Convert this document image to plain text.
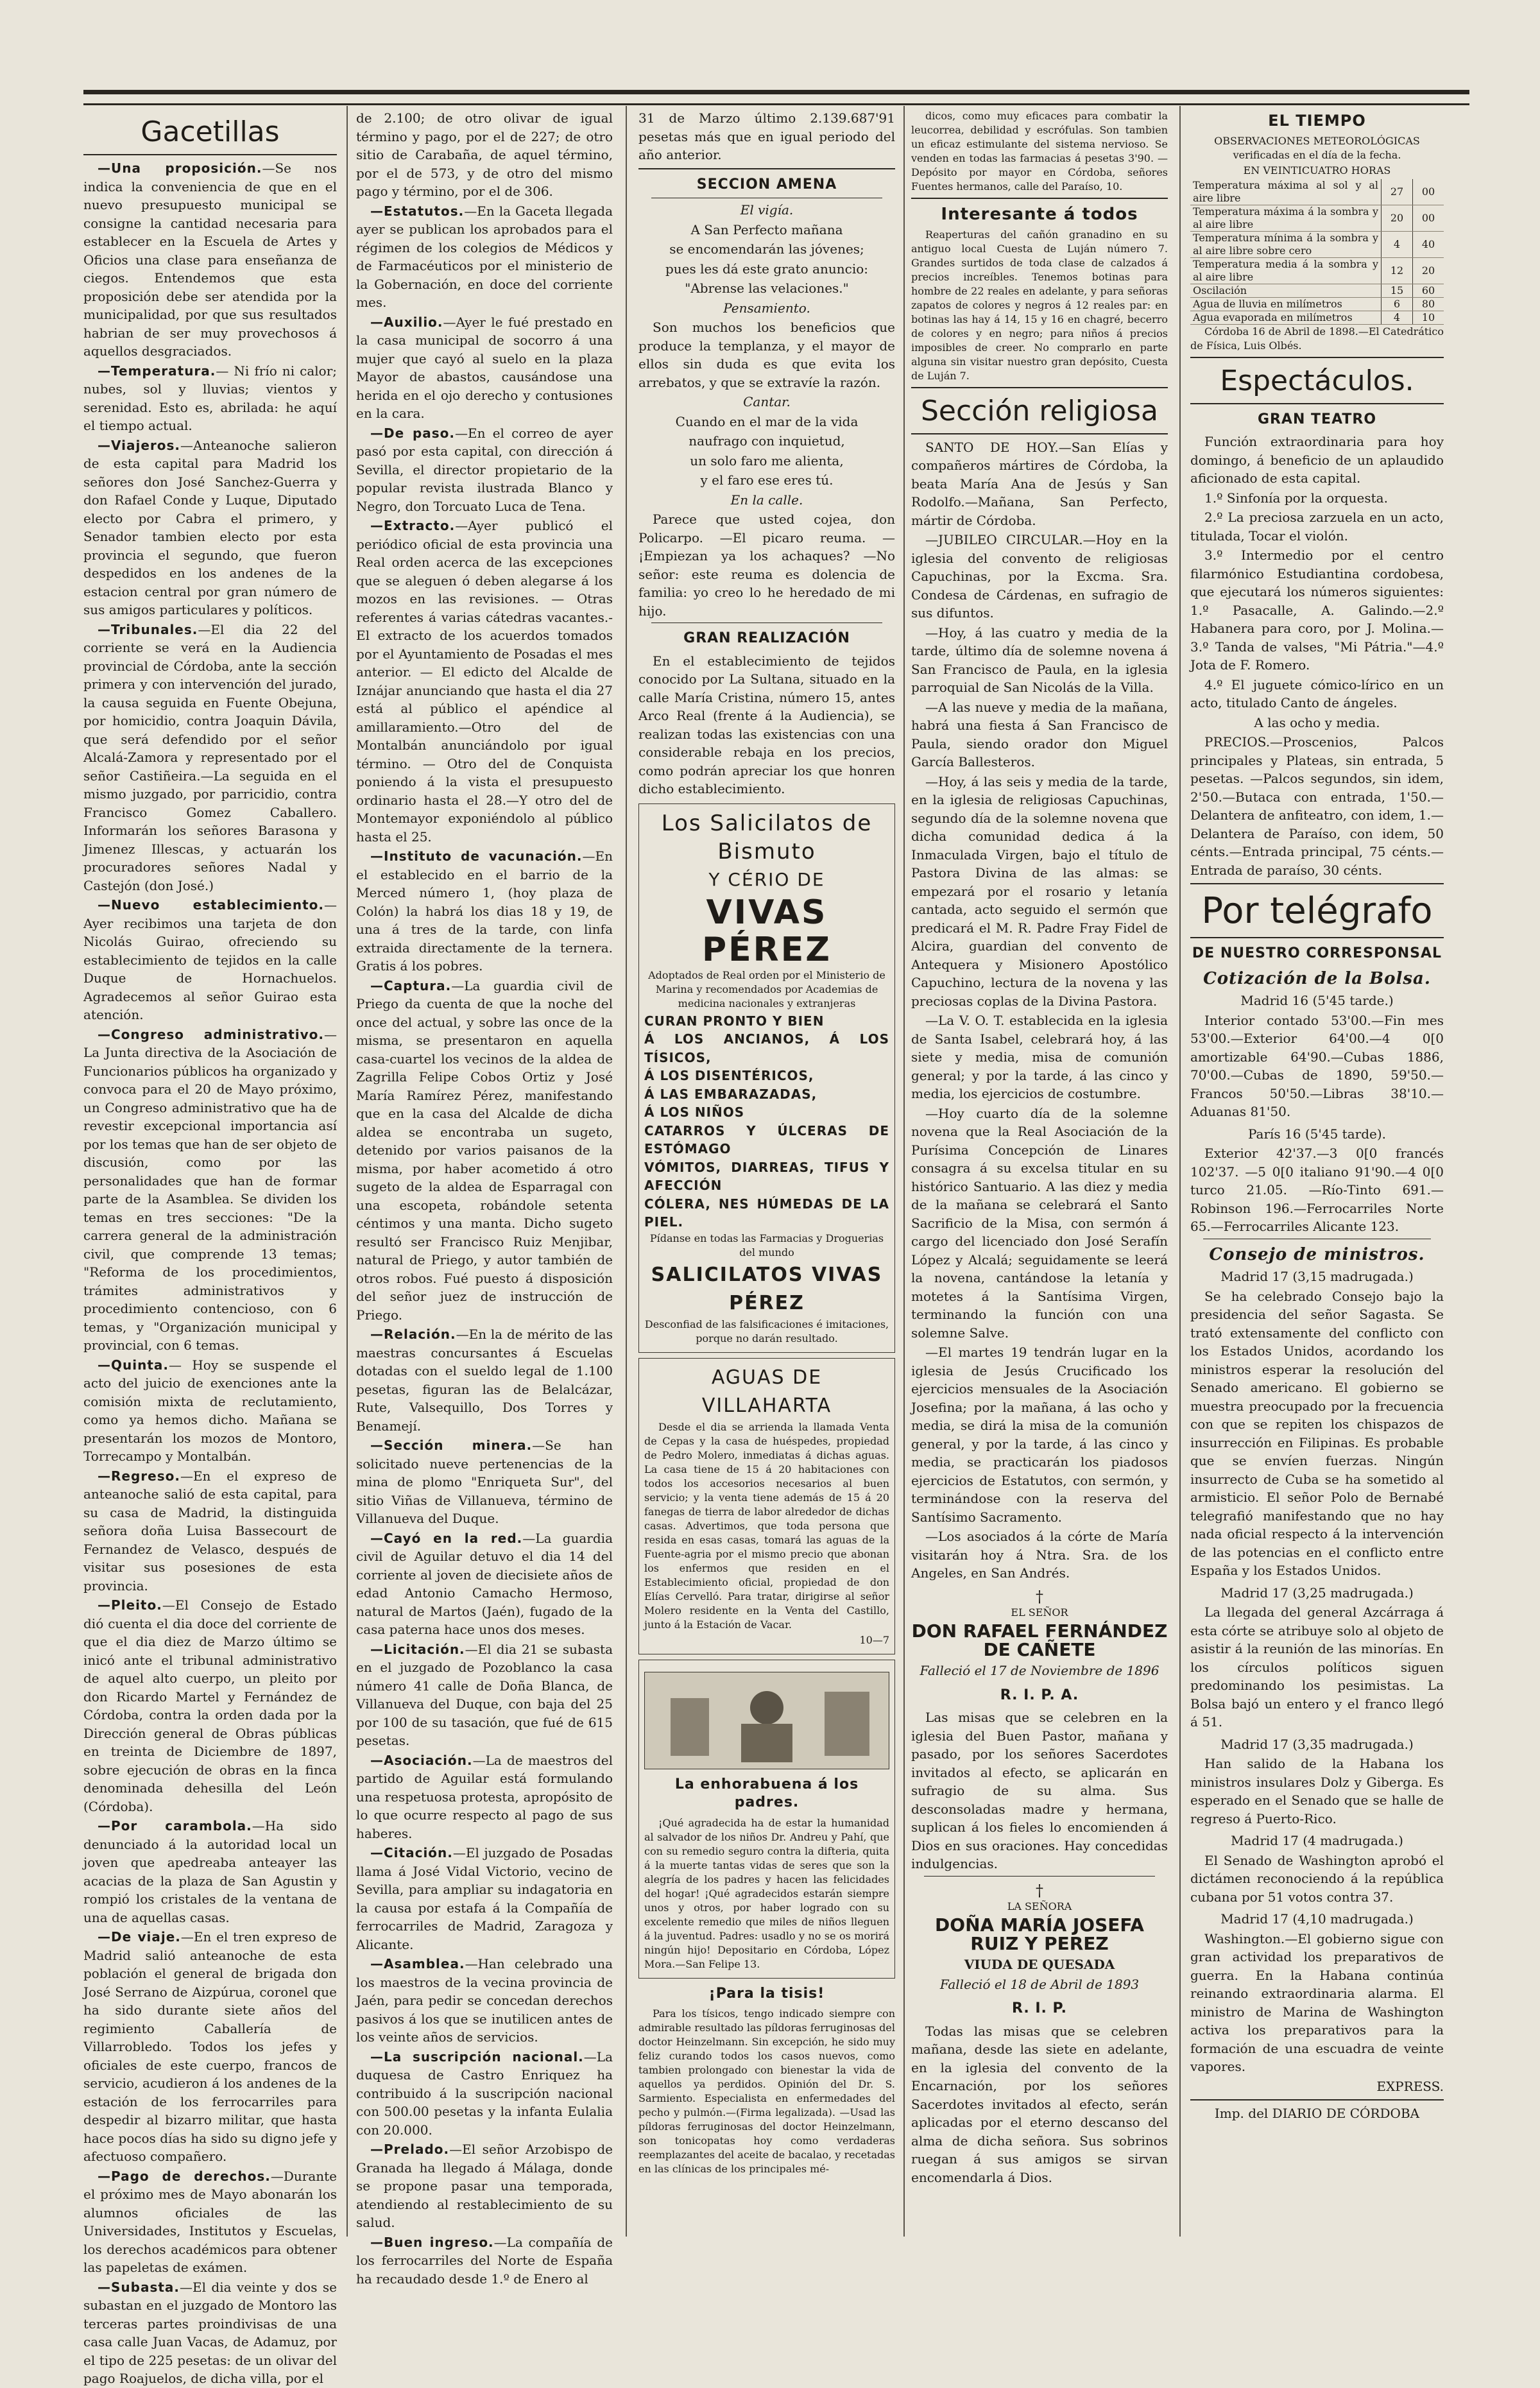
Gacetillas

—Una proposición.—Se nos indica la conveniencia de que en el nuevo presupuesto municipal se consigne la cantidad necesaria para establecer en la Escuela de Artes y Oficios una clase para enseñanza de ciegos. Entendemos que esta proposición debe ser atendida por la municipalidad, por que sus resultados habrian de ser muy provechosos á aquellos desgraciados.

—Temperatura.— Ni frío ni calor; nubes, sol y lluvias; vientos y serenidad. Esto es, abrilada: he aquí el tiempo actual.

—Viajeros.—Anteanoche salieron de esta capital para Madrid los señores don José Sanchez-Guerra y don Rafael Conde y Luque, Diputado electo por Cabra el primero, y Senador tambien electo por esta provincia el segundo, que fueron despedidos en los andenes de la estacion central por gran número de sus amigos particulares y políticos.

—Tribunales.—El dia 22 del corriente se verá en la Audiencia provincial de Córdoba, ante la sección primera y con intervención del jurado, la causa seguida en Fuente Obejuna, por homicidio, contra Joaquin Dávila, que será defendido por el señor Alcalá-Zamora y representado por el señor Castiñeira.—La seguida en el mismo juzgado, por parricidio, contra Francisco Gomez Caballero. Informarán los señores Barasona y Jimenez Illescas, y actuarán los procuradores señores Nadal y Castejón (don José.)

—Nuevo establecimiento.—Ayer recibimos una tarjeta de don Nicolás Guirao, ofreciendo su establecimiento de tejidos en la calle Duque de Hornachuelos. Agradecemos al señor Guirao esta atención.

—Congreso administrativo.—La Junta directiva de la Asociación de Funcionarios públicos ha organizado y convoca para el 20 de Mayo próximo, un Congreso administrativo que ha de revestir excepcional importancia así por los temas que han de ser objeto de discusión, como por las personalidades que han de formar parte de la Asamblea. Se dividen los temas en tres secciones: "De la carrera general de la administración civil, que comprende 13 temas; "Reforma de los procedimientos, trámites administrativos y procedimiento contencioso, con 6 temas, y "Organización municipal y provincial, con 6 temas.

—Quinta.— Hoy se suspende el acto del juicio de exenciones ante la comisión mixta de reclutamiento, como ya hemos dicho. Mañana se presentarán los mozos de Montoro, Torrecampo y Montalbán.

—Regreso.—En el expreso de anteanoche salió de esta capital, para su casa de Madrid, la distinguida señora doña Luisa Bassecourt de Fernandez de Velasco, después de visitar sus posesiones de esta provincia.

—Pleito.—El Consejo de Estado dió cuenta el dia doce del corriente de que el dia diez de Marzo último se inicó ante el tribunal administrativo de aquel alto cuerpo, un pleito por don Ricardo Martel y Fernández de Córdoba, contra la orden dada por la Dirección general de Obras públicas en treinta de Diciembre de 1897, sobre ejecución de obras en la finca denominada dehesilla del León (Córdoba).

—Por carambola.—Ha sido denunciado á la autoridad local un joven que apedreaba anteayer las acacias de la plaza de San Agustin y rompió los cristales de la ventana de una de aquellas casas.

—De viaje.—En el tren expreso de Madrid salió anteanoche de esta población el general de brigada don José Serrano de Aizpúrua, coronel que ha sido durante siete años del regimiento Caballería de Villarrobledo. Todos los jefes y oficiales de este cuerpo, francos de servicio, acudieron á los andenes de la estación de los ferrocarriles para despedir al bizarro militar, que hasta hace pocos días ha sido su digno jefe y afectuoso compañero.

—Pago de derechos.—Durante el próximo mes de Mayo abonarán los alumnos oficiales de las Universidades, Institutos y Escuelas, los derechos académicos para obtener las papeletas de exámen.

—Subasta.—El dia veinte y dos se subastan en el juzgado de Montoro las terceras partes proindivisas de una casa calle Juan Vacas, de Adamuz, por el tipo de 225 pesetas: de un olivar del pago Roajuelos, de dicha villa, por el

de 2.100; de otro olivar de igual término y pago, por el de 227; de otro sitio de Carabaña, de aquel término, por el de 573, y de otro del mismo pago y término, por el de 306.

—Estatutos.—En la Gaceta llegada ayer se publican los aprobados para el régimen de los colegios de Médicos y de Farmacéuticos por el ministerio de la Gobernación, en doce del corriente mes.

—Auxilio.—Ayer le fué prestado en la casa municipal de socorro á una mujer que cayó al suelo en la plaza Mayor de abastos, causándose una herida en el ojo derecho y contusiones en la cara.

—De paso.—En el correo de ayer pasó por esta capital, con dirección á Sevilla, el director propietario de la popular revista ilustrada Blanco y Negro, don Torcuato Luca de Tena.

—Extracto.—Ayer publicó el periódico oficial de esta provincia una Real orden acerca de las excepciones que se aleguen ó deben alegarse á los mozos en las revisiones. — Otras referentes á varias cátedras vacantes.- El extracto de los acuerdos tomados por el Ayuntamiento de Posadas el mes anterior. — El edicto del Alcalde de Iznájar anunciando que hasta el dia 27 está al público el apéndice al amillaramiento.—Otro del de Montalbán anunciándolo por igual término. — Otro del de Conquista poniendo á la vista el presupuesto ordinario hasta el 28.—Y otro del de Montemayor exponiéndolo al público hasta el 25.

—Instituto de vacunación.—En el establecido en el barrio de la Merced número 1, (hoy plaza de Colón) la habrá los dias 18 y 19, de una á tres de la tarde, con linfa extraida directamente de la ternera. Gratis á los pobres.

—Captura.—La guardia civil de Priego da cuenta de que la noche del once del actual, y sobre las once de la misma, se presentaron en aquella casa-cuartel los vecinos de la aldea de Zagrilla Felipe Cobos Ortiz y José María Ramírez Pérez, manifestando que en la casa del Alcalde de dicha aldea se encontraba un sugeto, detenido por varios paisanos de la misma, por haber acometido á otro sugeto de la aldea de Esparragal con una escopeta, robándole setenta céntimos y una manta. Dicho sugeto resultó ser Francisco Ruiz Menjibar, natural de Priego, y autor también de otros robos. Fué puesto á disposición del señor juez de instrucción de Priego.

—Relación.—En la de mérito de las maestras concursantes á Escuelas dotadas con el sueldo legal de 1.100 pesetas, figuran las de Belalcázar, Rute, Valsequillo, Dos Torres y Benamejí.

—Sección minera.—Se han solicitado nueve pertenencias de la mina de plomo "Enriqueta Sur", del sitio Viñas de Villanueva, término de Villanueva del Duque.

—Cayó en la red.—La guardia civil de Aguilar detuvo el dia 14 del corriente al joven de diecisiete años de edad Antonio Camacho Hermoso, natural de Martos (Jaén), fugado de la casa paterna hace unos dos meses.

—Licitación.—El dia 21 se subasta en el juzgado de Pozoblanco la casa número 41 calle de Doña Blanca, de Villanueva del Duque, con baja del 25 por 100 de su tasación, que fué de 615 pesetas.

—Asociación.—La de maestros del partido de Aguilar está formulando una respetuosa protesta, apropósito de lo que ocurre respecto al pago de sus haberes.

—Citación.—El juzgado de Posadas llama á José Vidal Victorio, vecino de Sevilla, para ampliar su indagatoria en la causa por estafa á la Compañía de ferrocarriles de Madrid, Zaragoza y Alicante.

—Asamblea.—Han celebrado una los maestros de la vecina provincia de Jaén, para pedir se concedan derechos pasivos á los que se inutilicen antes de los veinte años de servicios.

—La suscripción nacional.—La duquesa de Castro Enriquez ha contribuido á la suscripción nacional con 500.00 pesetas y la infanta Eulalia con 20.000.

—Prelado.—El señor Arzobispo de Granada ha llegado á Málaga, donde se propone pasar una temporada, atendiendo al restablecimiento de su salud.

—Buen ingreso.—La compañía de los ferrocarriles del Norte de España ha recaudado desde 1.º de Enero al

31 de Marzo último 2.139.687'91 pesetas más que en igual periodo del año anterior.

SECCION AMENA

El vigía.

A San Perfecto mañana

se encomendarán las jóvenes;

pues les dá este grato anuncio:

"Abrense las velaciones."

Pensamiento.

Son muchos los beneficios que produce la templanza, y el mayor de ellos sin duda es que evita los arrebatos, y que se extravíe la razón.

Cantar.

Cuando en el mar de la vida

naufrago con inquietud,

un solo faro me alienta,

y el faro ese eres tú.

En la calle.

Parece que usted cojea, don Policarpo. —El picaro reuma. —¡Empiezan ya los achaques? —No señor: este reuma es dolencia de familia: yo creo lo he heredado de mi hijo.

GRAN REALIZACIÓN

En el establecimiento de tejidos conocido por La Sultana, situado en la calle María Cristina, número 15, antes Arco Real (frente á la Audiencia), se realizan todas las existencias con una considerable rebaja en los precios, como podrán apreciar los que honren dicho establecimiento.

Los Salicilatos de Bismuto
Y CÉRIO DE
VIVAS PÉREZ

Adoptados de Real orden por el Ministerio de Marina y recomendados por Academias de medicina nacionales y extranjeras

CURAN PRONTO Y BIEN
Á LOS ANCIANOS, Á LOS TÍSICOS,
Á LOS DISENTÉRICOS,
Á LAS EMBARAZADAS,
Á LOS NIÑOS
CATARROS Y ÚLCERAS DE ESTÓMAGO
VÓMITOS, DIARREAS, TIFUS Y AFECCIÓN
CÓLERA, NES HÚMEDAS DE LA PIEL.

Pídanse en todas las Farmacias y Droguerias del mundo

SALICILATOS VIVAS PÉREZ

Desconfiad de las falsificaciones é imitaciones, porque no darán resultado.

AGUAS DE VILLAHARTA

Desde el dia se arrienda la llamada Venta de Cepas y la casa de huéspedes, propiedad de Pedro Molero, inmediatas á dichas aguas. La casa tiene de 15 á 20 habitaciones con todos los accesorios necesarios al buen servicio; y la venta tiene además de 15 á 20 fanegas de tierra de labor alrededor de dichas casas. Advertimos, que toda persona que resida en esas casas, tomará las aguas de la Fuente-agria por el mismo precio que abonan los enfermos que residen en el Establecimiento oficial, propiedad de don Elías Cervelló. Para tratar, dirigirse al señor Molero residente en la Venta del Castillo, junto á la Estación de Vacar.

10—7

La enhorabuena á los padres.

¡Qué agradecida ha de estar la humanidad al salvador de los niños Dr. Andreu y Pahí, que con su remedio seguro contra la difteria, quita á la muerte tantas vidas de seres que son la alegría de los padres y hacen las felicidades del hogar! ¡Qué agradecidos estarán siempre unos y otros, por haber logrado con su excelente remedio que miles de niños lleguen á la juventud. Padres: usadlo y no se os morirá ningún hijo! Depositario en Córdoba, López Mora.—San Felipe 13.

¡Para la tisis!

Para los tísicos, tengo indicado siempre con admirable resultado las píldoras ferruginosas del doctor Heinzelmann. Sin excepción, he sido muy feliz curando todos los casos nuevos, como tambien prolongado con bienestar la vida de aquellos ya perdidos. Opinión del Dr. S. Sarmiento. Especialista en enfermedades del pecho y pulmón.—(Firma legalizada). —Usad las píldoras ferruginosas del doctor Heinzelmann, son tonicopatas hoy como verdaderas reemplazantes del aceite de bacalao, y recetadas en las clínicas de los principales mé-

dicos, como muy eficaces para combatir la leucorrea, debilidad y escrófulas. Son tambien un eficaz estimulante del sistema nervioso. Se venden en todas las farmacias á pesetas 3'90. —Depósito por mayor en Córdoba, señores Fuentes hermanos, calle del Paraíso, 10.

Interesante á todos

Reaperturas del cañón granadino en su antiguo local Cuesta de Luján número 7. Grandes surtidos de toda clase de calzados á precios increíbles. Tenemos botinas para hombre de 22 reales en adelante, y para señoras zapatos de colores y negros á 12 reales par: en botinas las hay á 14, 15 y 16 en chagré, becerro de colores y en negro; para niños á precios imposibles de creer. No comprarlo en parte alguna sin visitar nuestro gran depósito, Cuesta de Luján 7.

Sección religiosa

SANTO DE HOY.—San Elías y compañeros mártires de Córdoba, la beata María Ana de Jesús y San Rodolfo.—Mañana, San Perfecto, mártir de Córdoba.

—JUBILEO CIRCULAR.—Hoy en la iglesia del convento de religiosas Capuchinas, por la Excma. Sra. Condesa de Cárdenas, en sufragio de sus difuntos.

—Hoy, á las cuatro y media de la tarde, último día de solemne novena á San Francisco de Paula, en la iglesia parroquial de San Nicolás de la Villa.

—A las nueve y media de la mañana, habrá una fiesta á San Francisco de Paula, siendo orador don Miguel García Ballesteros.

—Hoy, á las seis y media de la tarde, en la iglesia de religiosas Capuchinas, segundo día de la solemne novena que dicha comunidad dedica á la Inmaculada Virgen, bajo el título de Pastora Divina de las almas: se empezará por el rosario y letanía cantada, acto seguido el sermón que predicará el M. R. Padre Fray Fidel de Alcira, guardian del convento de Antequera y Misionero Apostólico Capuchino, lectura de la novena y las preciosas coplas de la Divina Pastora.

—La V. O. T. establecida en la iglesia de Santa Isabel, celebrará hoy, á las siete y media, misa de comunión general; y por la tarde, á las cinco y media, los ejercicios de costumbre.

—Hoy cuarto día de la solemne novena que la Real Asociación de la Purísima Concepción de Linares consagra á su excelsa titular en su histórico Santuario. A las diez y media de la mañana se celebrará el Santo Sacrificio de la Misa, con sermón á cargo del licenciado don José Serafín López y Alcalá; seguidamente se leerá la novena, cantándose la letanía y motetes á la Santísima Virgen, terminando la función con una solemne Salve.

—El martes 19 tendrán lugar en la iglesia de Jesús Crucificado los ejercicios mensuales de la Asociación Josefina; por la mañana, á las ocho y media, se dirá la misa de la comunión general, y por la tarde, á las cinco y media, se practicarán los piadosos ejercicios de Estatutos, con sermón, y terminándose con la reserva del Santísimo Sacramento.

—Los asociados á la córte de María visitarán hoy á Ntra. Sra. de los Angeles, en San Andrés.

†

EL SEÑOR

DON RAFAEL FERNÁNDEZ DE CAÑETE

Falleció el 17 de Noviembre de 1896

R. I. P. A.

Las misas que se celebren en la iglesia del Buen Pastor, mañana y pasado, por los señores Sacerdotes invitados al efecto, se aplicarán en sufragio de su alma. Sus desconsoladas madre y hermana, suplican á los fieles lo encomienden á Dios en sus oraciones. Hay concedidas indulgencias.

†

LA SEÑORA

DOÑA MARÍA JOSEFA RUIZ Y PEREZ

VIUDA DE QUESADA

Falleció el 18 de Abril de 1893

R. I. P.

Todas las misas que se celebren mañana, desde las siete en adelante, en la iglesia del convento de la Encarnación, por los señores Sacerdotes invitados al efecto, serán aplicadas por el eterno descanso del alma de dicha señora. Sus sobrinos ruegan á sus amigos se sirvan encomendarla á Dios.

EL TIEMPO

OBSERVACIONES METEOROLÓGICAS verificadas en el día de la fecha.

EN VEINTICUATRO HORAS

Temperatura máxima al sol y al aire libre	27	00
Temperatura máxima á la sombra y al aire libre	20	00
Temperatura mínima á la sombra y al aire libre sobre cero	4	40
Temperatura media á la sombra y al aire libre	12	20
Oscilación	15	60
Agua de lluvia en milímetros	6	80
Agua evaporada en milímetros	4	10

Córdoba 16 de Abril de 1898.—El Catedrático de Física, Luis Olbés.

Espectáculos.
GRAN TEATRO

Función extraordinaria para hoy domingo, á beneficio de un aplaudido aficionado de esta capital.

1.º Sinfonía por la orquesta.

2.º La preciosa zarzuela en un acto, titulada, Tocar el violón.

3.º Intermedio por el centro filarmónico Estudiantina cordobesa, que ejecutará los números siguientes: 1.º Pasacalle, A. Galindo.—2.º Habanera para coro, por J. Molina.—3.º Tanda de valses, "Mi Pátria."—4.º Jota de F. Romero.

4.º El juguete cómico-lírico en un acto, titulado Canto de ángeles.

A las ocho y media.

PRECIOS.—Proscenios, Palcos principales y Plateas, sin entrada, 5 pesetas. —Palcos segundos, sin idem, 2'50.—Butaca con entrada, 1'50.—Delantera de anfiteatro, con idem, 1.—Delantera de Paraíso, con idem, 50 cénts.—Entrada principal, 75 cénts.—Entrada de paraíso, 30 cénts.

Por telégrafo
DE NUESTRO CORRESPONSAL
Cotización de la Bolsa.

Madrid 16 (5'45 tarde.)

Interior contado 53'00.—Fin mes 53'00.—Exterior 64'00.—4 0[0 amortizable 64'90.—Cubas 1886, 70'00.—Cubas de 1890, 59'50.—Francos 50'50.—Libras 38'10.—Aduanas 81'50.

París 16 (5'45 tarde).

Exterior 42'37.—3 0[0 francés 102'37. —5 0[0 italiano 91'90.—4 0[0 turco 21.05. —Río-Tinto 691.—Robinson 196.—Ferrocarriles Norte 65.—Ferrocarriles Alicante 123.

Consejo de ministros.

Madrid 17 (3,15 madrugada.)

Se ha celebrado Consejo bajo la presidencia del señor Sagasta. Se trató extensamente del conflicto con los Estados Unidos, acordando los ministros esperar la resolución del Senado americano. El gobierno se muestra preocupado por la frecuencia con que se repiten los chispazos de insurrección en Filipinas. Es probable que se envíen fuerzas. Ningún insurrecto de Cuba se ha sometido al armisticio. El señor Polo de Bernabé telegrafió manifestando que no hay nada oficial respecto á la intervención de las potencias en el conflicto entre España y los Estados Unidos.

Madrid 17 (3,25 madrugada.)

La llegada del general Azcárraga á esta córte se atribuye solo al objeto de asistir á la reunión de las minorías. En los círculos políticos siguen predominando los pesimistas. La Bolsa bajó un entero y el franco llegó á 51.

Madrid 17 (3,35 madrugada.)

Han salido de la Habana los ministros insulares Dolz y Giberga. Es esperado en el Senado que se halle de regreso á Puerto-Rico.

Madrid 17 (4 madrugada.)

El Senado de Washington aprobó el dictámen reconociendo á la república cubana por 51 votos contra 37.

Madrid 17 (4,10 madrugada.)

Washington.—El gobierno sigue con gran actividad los preparativos de guerra. En la Habana continúa reinando extraordinaria alarma. El ministro de Marina de Washington activa los preparativos para la formación de una escuadra de veinte vapores.

EXPRESS.

Imp. del DIARIO DE CÓRDOBA
